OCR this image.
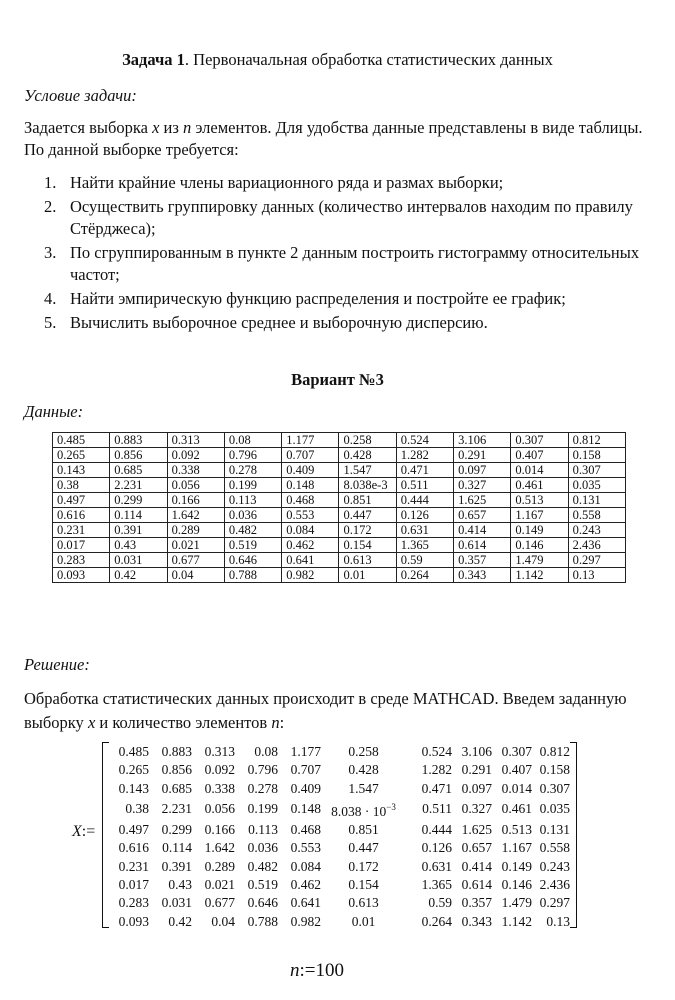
Задача 1. Первоначальная обработка статистических данных
Условие задачи:
Задается выборка x из n элементов. Для удобства данные представлены в виде таблицы. По данной выборке требуется:
1. Найти крайние члены вариационного ряда и размах выборки;
2. Осуществить группировку данных (количество интервалов находим по правилу Стёрджеса);
3. По сгруппированным в пункте 2 данным построить гистограмму относительных частот;
4. Найти эмпирическую функцию распределения и постройте ее график;
5. Вычислить выборочное среднее и выборочную дисперсию.
Вариант №3
Данные:
0.485	0.883	0.313	0.08	1.177	0.258	0.524	3.106	0.307	0.812
0.265	0.856	0.092	0.796	0.707	0.428	1.282	0.291	0.407	0.158
0.143	0.685	0.338	0.278	0.409	1.547	0.471	0.097	0.014	0.307
0.38	2.231	0.056	0.199	0.148	8.038e-3	0.511	0.327	0.461	0.035
0.497	0.299	0.166	0.113	0.468	0.851	0.444	1.625	0.513	0.131
0.616	0.114	1.642	0.036	0.553	0.447	0.126	0.657	1.167	0.558
0.231	0.391	0.289	0.482	0.084	0.172	0.631	0.414	0.149	0.243
0.017	0.43	0.021	0.519	0.462	0.154	1.365	0.614	0.146	2.436
0.283	0.031	0.677	0.646	0.641	0.613	0.59	0.357	1.479	0.297
0.093	0.42	0.04	0.788	0.982	0.01	0.264	0.343	1.142	0.13
Решение:
Обработка статистических данных происходит в среде MATHCAD. Введем заданную выборку x и количество элементов n:
X:=
0.485	0.883	0.313	0.08	1.177	0.258	0.524	3.106	0.307	0.812
0.265	0.856	0.092	0.796	0.707	0.428	1.282	0.291	0.407	0.158
0.143	0.685	0.338	0.278	0.409	1.547	0.471	0.097	0.014	0.307
0.38	2.231	0.056	0.199	0.148	$8.038 \cdot 10^{-3}$	0.511	0.327	0.461	0.035
0.497	0.299	0.166	0.113	0.468	0.851	0.444	1.625	0.513	0.131
0.616	0.114	1.642	0.036	0.553	0.447	0.126	0.657	1.167	0.558
0.231	0.391	0.289	0.482	0.084	0.172	0.631	0.414	0.149	0.243
0.017	0.43	0.021	0.519	0.462	0.154	1.365	0.614	0.146	2.436
0.283	0.031	0.677	0.646	0.641	0.613	0.59	0.357	1.479	0.297
0.093	0.42	0.04	0.788	0.982	0.01	0.264	0.343	1.142	0.13
n:=100
